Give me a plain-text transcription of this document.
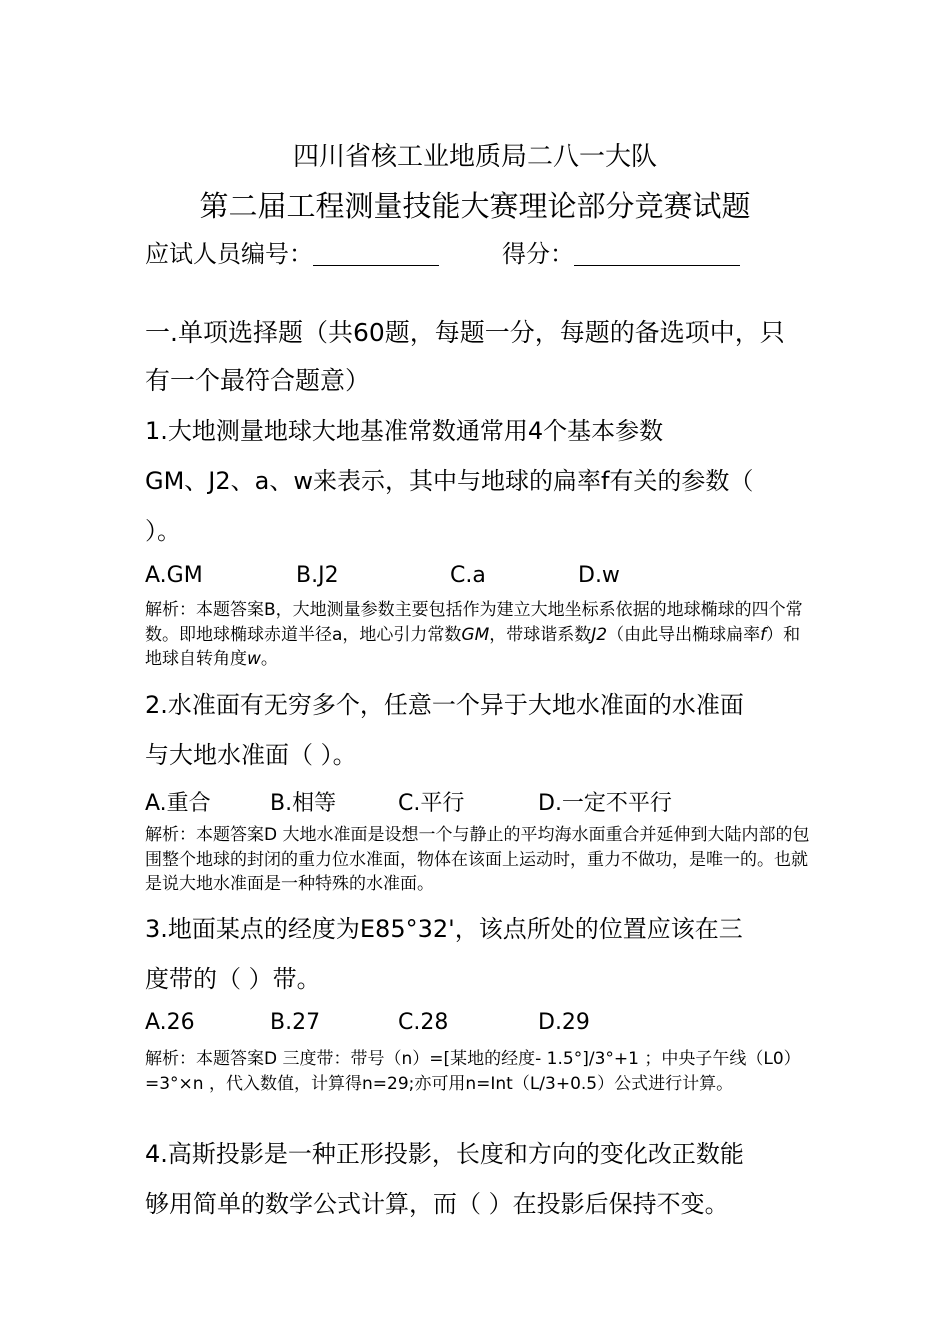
四川省核工业地质局二八一大队
第二届工程测量技能大赛理论部分竞赛试题
应试人员编号：	得分：
一.单项选择题（共60题，每题一分，每题的备选项中，只
有一个最符合题意）
1.大地测量地球大地基准常数通常用4个基本参数
GM、J2、a、w来表示，其中与地球的扁率f有关的参数（
）。
A.GM	B.J2	C.a	D.w
解析：本题答案B，大地测量参数主要包括作为建立大地坐标系依据的地球椭球的四个常数。即地球椭球赤道半径a，地心引力常数GM，带球谐系数J2（由此导出椭球扁率f）和地球自转角度w。
2.水准面有无穷多个，任意一个异于大地水准面的水准面
与大地水准面（ ）。
A.重合	B.相等	C.平行	D.一定不平行
解析：本题答案D 大地水准面是设想一个与静止的平均海水面重合并延伸到大陆内部的包围整个地球的封闭的重力位水准面，物体在该面上运动时，重力不做功，是唯一的。也就是说大地水准面是一种特殊的水准面。
3.地面某点的经度为E85°32'，该点所处的位置应该在三
度带的（ ）带。
A.26	B.27	C.28	D.29
解析：本题答案D 三度带：带号（n）=[某地的经度- 1.5°]/3°+1 ；中央子午线（L0）=3°×n ，代入数值，计算得n=29;亦可用n=Int（L/3+0.5）公式进行计算。
4.高斯投影是一种正形投影，长度和方向的变化改正数能
够用简单的数学公式计算，而（ ）在投影后保持不变。
